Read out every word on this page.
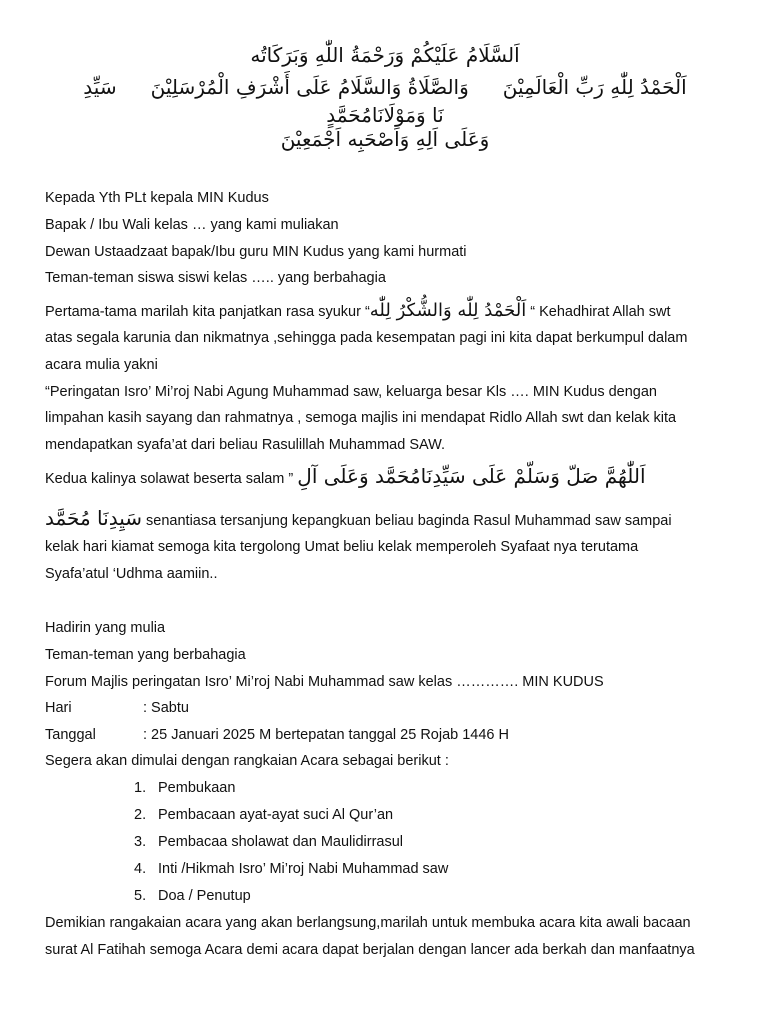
اَلسَّلَامُ عَلَيْكُمْ وَرَحْمَةُ اللّٰهِ وَبَرَكَاتُه
اَلْحَمْدُ لِلّٰهِ رَبِّ الْعَالَمِيْنَوَالصَّلَاةُ وَالسَّلَامُ عَلَى أَشْرَفِ الْمُرْسَلِيْنَسَيِّدِ
نَا وَمَوْلَانَامُحَمَّدٍ
وَعَلَى اَلِهِ وَاَصْحَبِه اَجْمَعِيْنَ
Kepada Yth PLt kepala MIN Kudus
Bapak / Ibu Wali kelas … yang kami muliakan
Dewan Ustaadzaat bapak/Ibu guru MIN Kudus yang kami hurmati
Teman-teman siswa siswi kelas ….. yang berbahagia
Pertama-tama marilah kita panjatkan rasa syukur “اَلْحَمْدُ لِلّٰه وَالشُّكْرُ لِلّٰه “ Kehadhirat Allah swt
atas segala karunia dan nikmatnya ,sehingga pada kesempatan pagi ini kita dapat berkumpul dalam
acara mulia yakni
“Peringatan Isro’ Mi’roj Nabi Agung Muhammad saw, keluarga besar Kls …. MIN Kudus dengan
limpahan kasih sayang dan rahmatnya , semoga majlis ini mendapat Ridlo Allah swt dan kelak kita
mendapatkan syafa’at dari beliau Rasulillah Muhammad SAW.
Kedua kalinya solawat beserta salam ” اَللّٰهُمَّ صَلّ وَسَلّمْ عَلَى سَيِّدِنَامُحَمَّد وَعَلَى آلِ
سَيِدِنَا مُحَمَّد senantiasa tersanjung kepangkuan beliau baginda Rasul Muhammad saw sampai
kelak hari kiamat semoga kita tergolong Umat beliu kelak memperoleh Syafaat nya terutama
Syafa’atul ‘Udhma aamiin..
Hadirin yang mulia
Teman-teman yang berbahagia
Forum Majlis peringatan Isro’ Mi’roj Nabi Muhammad saw kelas …………. MIN KUDUS
Hari	: Sabtu
Tanggal	: 25 Januari 2025 M bertepatan tanggal 25 Rojab 1446 H
Segera akan dimulai dengan rangkaian Acara sebagai berikut :
1. Pembukaan
2. Pembacaan ayat-ayat suci Al Qur’an
3. Pembacaa sholawat dan Maulidirrasul
4. Inti /Hikmah Isro’ Mi’roj Nabi Muhammad saw
5. Doa / Penutup
Demikian rangakaian acara yang akan berlangsung,marilah untuk membuka acara kita awali bacaan
surat Al Fatihah semoga Acara demi acara dapat berjalan dengan lancer ada berkah dan manfaatnya
